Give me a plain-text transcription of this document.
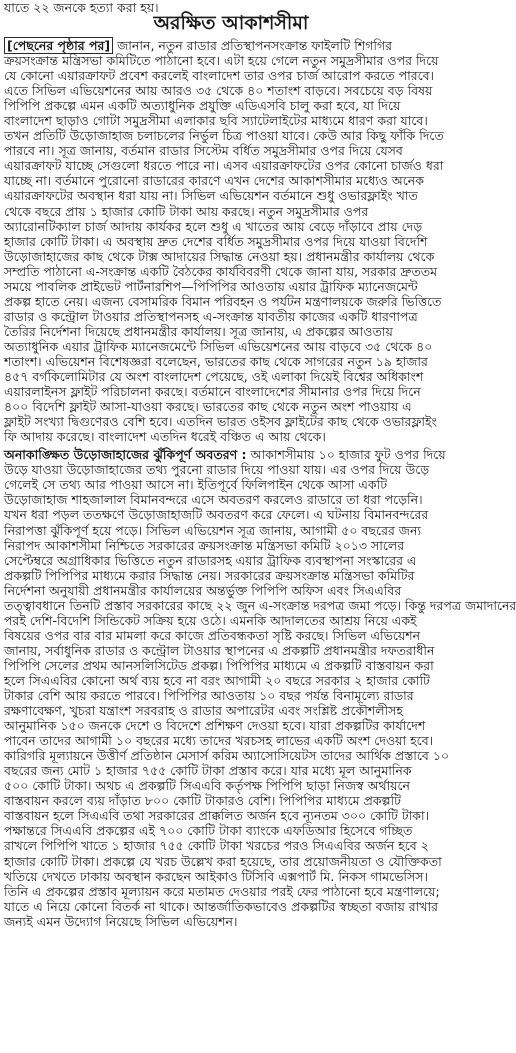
যাতে ২২ জনকে হত্যা করা হয়।
অরক্ষিত আকাশসীমা
[পেছনের পৃষ্ঠার পর] জানান, নতুন রাডার প্রতিস্থাপনসংক্রান্ত ফাইলটি শিগগির
ক্রয়সংক্রান্ত মন্ত্রিসভা কমিটিতে পাঠানো হবে। এটা হয়ে গেলে নতুন সমুদ্রসীমার ওপর দিয়ে
যে কোনো এয়ারক্রাফট প্রবেশ করলেই বাংলাদেশ তার ওপর চার্জ আরোপ করতে পারবে।
এতে সিভিল এভিয়েশনের আয় আরও ৩৫ থেকে ৪০ শতাংশ বাড়বে। সবচেয়ে বড় বিষয়
পিপিপি প্রকল্পে এমন একটি অত্যাধুনিক প্রযুক্তি এডিএসবি চালু করা হবে, যা দিয়ে
বাংলাদেশ ছাড়াও গোটা সমুদ্রসীমা এলাকার ছবি স্যাটেলাইটের মাধ্যমে ধারণ করা যাবে।
তখন প্রতিটি উড়োজাহাজ চলাচলের নির্ভুল চিত্র পাওয়া যাবে। কেউ আর কিছু ফাঁকি দিতে
পারবে না। সূত্র জানায়, বর্তমান রাডার সিস্টেম বর্ধিত সমুদ্রসীমার ওপর দিয়ে যেসব
এয়ারক্রাফট যাচ্ছে সেগুলো ধরতে পারে না। এসব এয়ারক্রাফটের ওপর কোনো চার্জও ধরা
যাচ্ছে না। বর্তমানে পুরোনো রাডারের কারণে এখন দেশের আকাশসীমার মধ্যেও অনেক
এয়ারক্রাফটের অবস্থান ধরা যায় না। সিভিল এভিয়েশন বর্তমানে শুধু ওভারফ্লাইং খাত
থেকে বছরে প্রায় ১ হাজার কোটি টাকা আয় করছে। নতুন সমুদ্রসীমার ওপর
অ্যারোনটিক্যাল চার্জ আদায় কার্যকর হলে শুধু এ খাতের আয় বেড়ে দাঁড়াবে প্রায় দেড়
হাজার কোটি টাকা। এ অবস্থায় দ্রুত দেশের বর্ধিত সমুদ্রসীমার ওপর দিয়ে যাওয়া বিদেশি
উড়োজাহাজের কাছ থেকে টাক্স আদায়ের সিদ্ধান্ত নেওয়া হয়। প্রধানমন্ত্রীর কার্যালয় থেকে
সম্প্রতি পাঠানো এ-সংক্রান্ত একটি বৈঠকের কার্যবিবরণী থেকে জানা যায়, সরকার দ্রুততম
সময়ে পাবলিক প্রাইভেট পার্টনারশিপ—পিপিপির আওতায় এয়ার ট্রাফিক ম্যানেজমেন্ট
প্রকল্প হাতে নেয়। এজন্য বেসামরিক বিমান পরিবহন ও পর্যটন মন্ত্রণালয়কে জরুরি ভিত্তিতে
রাডার ও কন্ট্রোল টাওয়ার প্রতিস্থাপনসহ এ-সংক্রান্ত যাবতীয় কাজের একটি ধারণাপত্র
তৈরির নির্দেশনা দিয়েছে প্রধানমন্ত্রীর কার্যালয়। সূত্র জানায়, এ প্রকল্পের আওতায়
অত্যাধুনিক এয়ার ট্রাফিক ম্যানেজমেন্টে সিভিল এভিয়েশনের আয় বাড়বে ৩৫ থেকে ৪০
শতাংশ। এভিয়েশন বিশেষজ্ঞরা বলেছেন, ভারতের কাছ থেকে সাগরের নতুন ১৯ হাজার
৪৫৭ বর্গকিলোমিটার যে অংশ বাংলাদেশ পেয়েছে, ওই এলাকা দিয়েই বিশ্বের অধিকাংশ
এয়ারলাইনস ফ্লাইট পরিচালনা করছে। বর্তমানে বাংলাদেশের সীমানার ওপর দিয়ে দিনে
৪০০ বিদেশি ফ্লাইট আসা-যাওয়া করছে। ভারতের কাছ থেকে নতুন অংশ পাওয়ায় এ
ফ্লাইট সংখ্যা দ্বিগুণেরও বেশি হবে। এতদিন ভারত ওইসব ফ্লাইটের কাছ থেকে ওভারফ্লাইং
ফি আদায় করেছে। বাংলাদেশ এতদিন ধরেই বঞ্চিত এ আয় থেকে।
অনাকাঙ্ক্ষিত উড়োজাহাজের ঝুঁকিপূর্ণ অবতরণ : আকাশসীমায় ১০ হাজার ফুট ওপর দিয়ে
উড়ে যাওয়া উড়োজাহাজের তথ্য পুরনো রাডার দিয়ে পাওয়া যায়। এর ওপর দিয়ে উড়ে
গেলেই সে তথ্য আর পাওয়া আসে না। ইতিপূর্বে ফিলিপাইন থেকে আসা একটি
উড়োজাহাজ শাহজালাল বিমানবন্দরে এসে অবতরণ করলেও রাডারে তা ধরা পড়েনি।
যখন ধরা পড়ল ততক্ষণে উড়োজাহাজটি অবতরণ করে ফেলে। এ ঘটনায় বিমানবন্দরের
নিরাপত্তা ঝুঁকিপূর্ণ হয়ে পড়ে। সিভিল এভিয়েশন সূত্র জানায়, আগামী ৫০ বছরের জন্য
নিরাপদ আকাশসীমা নিশ্চিতে সরকারের ক্রয়সংক্রান্ত মন্ত্রিসভা কমিটি ২০১৩ সালের
সেপ্টেম্বরে অগ্রাধিকার ভিত্তিতে নতুন রাডারসহ এয়ার ট্রাফিক ব্যবস্থাপনা সংস্কারের এ
প্রকল্পটি পিপিপির মাধ্যমে করার সিদ্ধান্ত নেয়। সরকারের ক্রয়সংক্রান্ত মন্ত্রিসভা কমিটির
নির্দেশনা অনুযায়ী প্রধানমন্ত্রীর কার্যালয়ের অন্তর্ভুক্ত পিপিপি অফিস এবং সিএএবির
তত্ত্বাবধানে তিনটি প্রস্তাব সরকারের কাছে ২২ জুন এ-সংক্রান্ত দরপত্র জমা পড়ে। কিন্তু দরপত্র জমাদানের
পরই দেশি-বিদেশি সিন্ডিকেট সক্রিয় হয়ে ওঠে। এমনকি আদালতের আশ্রয় নিয়ে একই
বিষয়ের ওপর বার বার মামলা করে কাজে প্রতিবন্ধকতা সৃষ্টি করছে। সিভিল এভিয়েশন
জানায়, সর্বাধুনিক রাডার ও কন্ট্রোল টাওয়ার স্থাপনের এ প্রকল্পটি প্রধানমন্ত্রীর দফতরাধীন
পিপিপি সেলের প্রথম আনসলিসিটেড প্রকল্প। পিপিপির মাধ্যমে এ প্রকল্পটি বাস্তবায়ন করা
হলে সিএএবির কোনো অর্থ ব্যয় হবে না বরং আগামী ২০ বছরে সরকার ২ হাজার কোটি
টাকার বেশি আয় করতে পারবে। পিপিপির আওতায় ১০ বছর পর্যন্ত বিনামূল্যে রাডার
রক্ষণাবেক্ষণ, খুচরা যন্ত্রাংশ সরবরাহ ও রাডার অপারেটর এবং সংশ্লিষ্ট প্রকৌশলীসহ
আনুমানিক ১৫০ জনকে দেশে ও বিদেশে প্রশিক্ষণ দেওয়া হবে। যারা প্রকল্পটির কার্যাদেশ
পাবেন তাদের আগামী ১০ বছরের মধ্যে তাদের খরচসহ লাভের একটি অংশ দেওয়া হবে।
কারিগরি মূল্যায়নে উত্তীর্ণ প্রতিষ্ঠান মেসার্স করিম অ্যাসোসিয়েটস তাদের আর্থিক প্রস্তাবে ১০
বছরের জন্য মোট ১ হাজার ৭৫৫ কোটি টাকা প্রস্তাব করে। যার মধ্যে মূল আনুমানিক
৫০০ কোটি টাকা। অথচ এ প্রকল্পটি সিএএবি কর্তৃপক্ষ পিপিপি ছাড়া নিজস্ব অর্থায়নে
বাস্তবায়ন করলে ব্যয় দাঁড়াত ৮০০ কোটি টাকারও বেশি। পিপিপির মাধ্যমে প্রকল্পটি
বাস্তবায়ন হলে সিএএবি তথা সরকারের প্রাক্কলিত অর্জন হবে ন্যূনতম ৩০০ কোটি টাকা।
পক্ষান্তরে সিএএবি প্রকল্পের এই ৭০০ কোটি টাকা ব্যাংকে এফডিআর হিসেবে গচ্ছিত
রাখলে পিপিপি খাতে ১ হাজার ৭৫৫ কোটি টাকা খরচের পরও সিএএবির অর্জন হবে ২
হাজার কোটি টাকা। প্রকল্পে যে খরচ উল্লেখ করা হয়েছে, তার প্রয়োজনীয়তা ও যৌক্তিকতা
খতিয়ে দেখতে ঢাকায় অবস্থান করছেন আইকাও টিসিবি এক্সপার্ট মি. নিকস গামভেসিস।
তিনি এ প্রকল্পের প্রস্তাব মূল্যায়ন করে মতামত দেওয়ার পরই ফের পাঠানো হবে মন্ত্রণালয়ে;
যাতে এ নিয়ে কোনো বিতর্ক না থাকে। আন্তর্জাতিকভাবেও প্রকল্পটির স্বচ্ছতা বজায় রাখার
জন্যই এমন উদ্যোগ নিয়েছে সিভিল এভিয়েশন।
